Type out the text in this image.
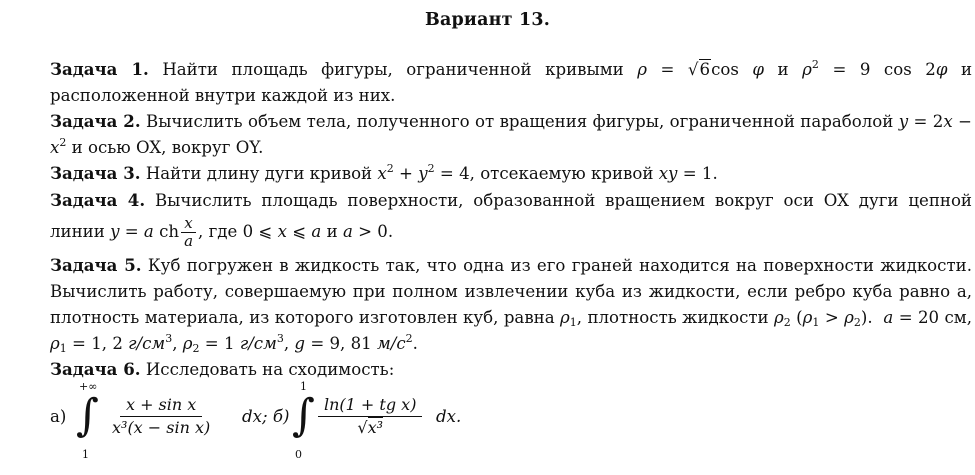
Вариант 13.
Задача 1. Найти площадь фигуры, ограниченной кривыми ρ = √6cos φ и $\rho^2 = 9$ cos 2φ и расположенной внутри каждой из них.
Задача 2. Вычислить объем тела, полученного от вращения фигуры, ограниченной параболой $y = 2x - x^2$ и осью OX, вокруг OY.
Задача 3. Найти длину дуги кривой $x^2 + y^2 = 4$, отсекаемую кривой xy = 1.
Задача 4. Вычислить площадь поверхности, образованной вращением вокруг оси OX дуги цепной линии y = a ch $\frac{x}{a}$ , где 0 ⩽ x ⩽ a и a > 0.
Задача 5. Куб погружен в жидкость так, что одна из его граней находится на поверхности жидкости. Вычислить работу, совершаемую при полном извлечении куба из жидкости, если ребро куба равно a, плотность материала, из которого изготовлен куб, равна $\rho_1$, плотность жидкости $\rho_2$ $(\rho_1 > \rho_2)$.  a = 20 см, $\rho_1 = 1$, 2 $г/см^3$, $\rho_2 = 1$ $г/см^3$, g = 9, 81 $м/с^2$.
Задача 6. Исследовать на сходимость:
а)
+∞
∫
1
$\frac{\text{x + sin x}}{\text{x³(x − sin x)}}$ dx; б)
1
∫
0
$\frac{\text{ln(1 + tg x)}}{\text{√x³}}$ dx.
